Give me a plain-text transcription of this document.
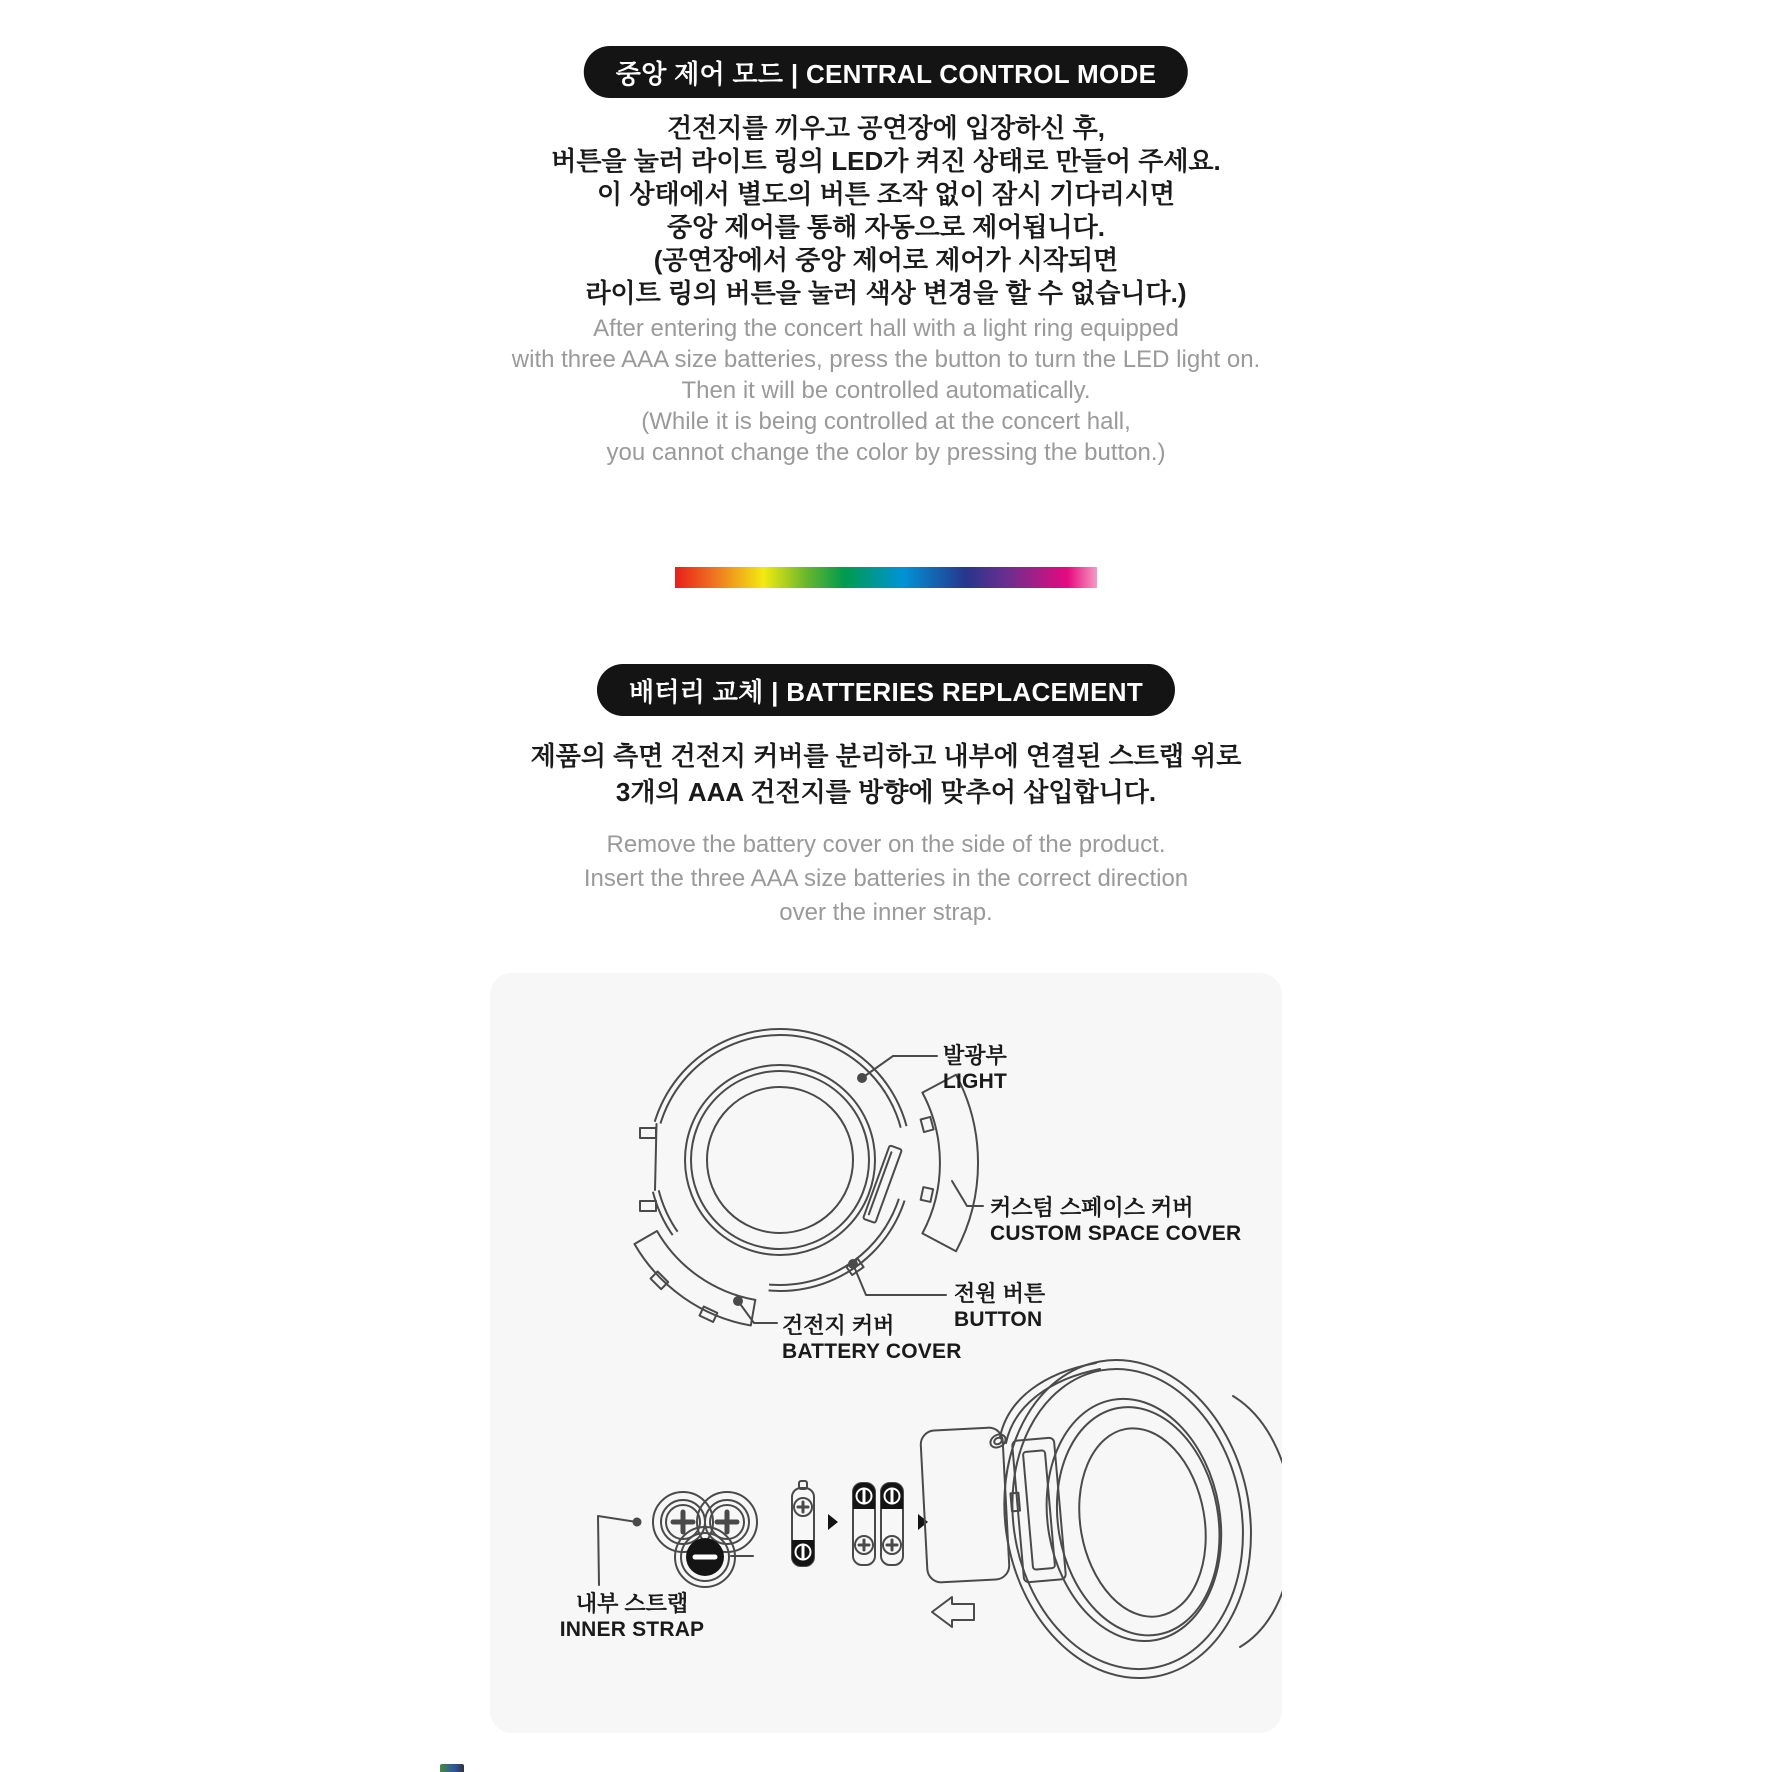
중앙 제어 모드 | CENTRAL CONTROL MODE
건전지를 끼우고 공연장에 입장하신 후,
버튼을 눌러 라이트 링의 LED가 켜진 상태로 만들어 주세요.
이 상태에서 별도의 버튼 조작 없이 잠시 기다리시면
중앙 제어를 통해 자동으로 제어됩니다.
(공연장에서 중앙 제어로 제어가 시작되면
라이트 링의 버튼을 눌러 색상 변경을 할 수 없습니다.)
After entering the concert hall with a light ring equipped
with three AAA size batteries, press the button to turn the LED light on.
Then it will be controlled automatically.
(While it is being controlled at the concert hall,
you cannot change the color by pressing the button.)
배터리 교체 | BATTERIES REPLACEMENT
제품의 측면 건전지 커버를 분리하고 내부에 연결된 스트랩 위로
3개의 AAA 건전지를 방향에 맞추어 삽입합니다.
Remove the battery cover on the side of the product.
Insert the three AAA size batteries in the correct direction
over the inner strap.
발광부
LIGHT
커스텀 스페이스 커버
CUSTOM SPACE COVER
전원 버튼
BUTTON
건전지 커버
BATTERY COVER
내부 스트랩
INNER STRAP
